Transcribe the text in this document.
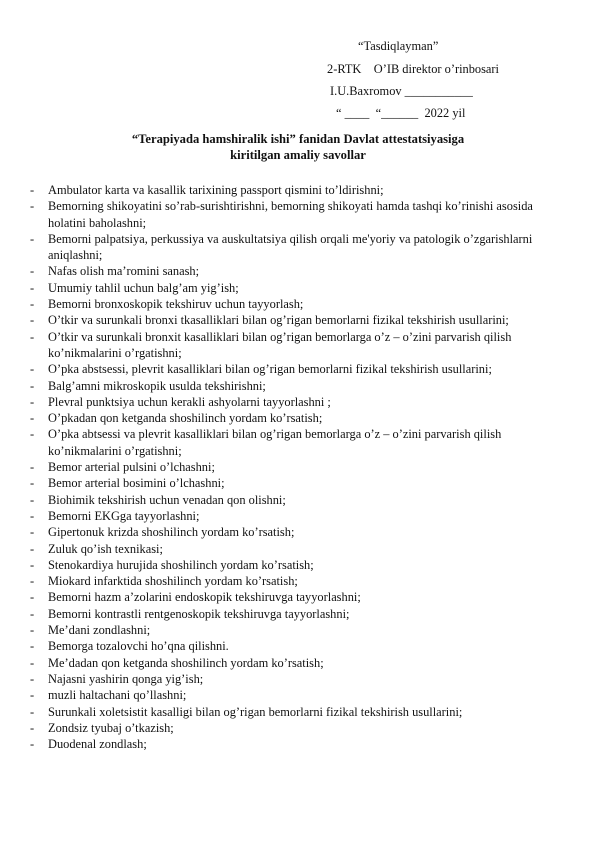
“Tasdiqlayman”
2-RTK    O’IB direktor o’rinbosari
I.U.Baxromov ___________
“ ____  “______  2022 yil
“Terapiyada hamshiralik ishi” fanidan Davlat attestatsiyasiga
kiritilgan amaliy savollar
- Ambulator karta va kasallik tarixining passport qismini to’ldirishni;
- Bemorning shikoyatini so’rab-surishtirishni, bemorning shikoyati hamda tashqi ko’rinishi asosida holatini baholashni;
- Bemorni palpatsiya, perkussiya va auskultatsiya qilish orqali me'yoriy va patologik o’zgarishlarni aniqlashni;
- Nafas olish ma’romini sanash;
- Umumiy tahlil uchun balg’am yig’ish;
- Bemorni bronxoskopik tekshiruv uchun tayyorlash;
- O’tkir va surunkali bronxi tkasalliklari bilan og’rigan bemorlarni fizikal tekshirish usullarini;
- O’tkir va surunkali bronxit kasalliklari bilan og’rigan bemorlarga o’z – o’zini parvarish qilish ko’nikmalarini o’rgatishni;
- O’pka abstsessi, plevrit kasalliklari bilan og’rigan bemorlarni fizikal tekshirish usullarini;
- Balg’amni mikroskopik usulda tekshirishni;
- Plevral punktsiya uchun kerakli ashyolarni tayyorlashni ;
- O’pkadan qon ketganda shoshilinch yordam ko’rsatish;
- O’pka abtsessi va plevrit kasalliklari bilan og’rigan bemorlarga o’z – o’zini parvarish qilish ko’nikmalarini o’rgatishni;
- Bemor arterial pulsini o’lchashni;
- Bemor arterial bosimini o’lchashni;
- Biohimik tekshirish uchun venadan qon olishni;
- Bemorni EKGga tayyorlashni;
- Gipertonuk krizda shoshilinch yordam ko’rsatish;
- Zuluk qo’ish texnikasi;
- Stenokardiya hurujida shoshilinch yordam ko’rsatish;
- Miokard infarktida shoshilinch yordam ko’rsatish;
- Bemorni hazm a’zolarini endoskopik tekshiruvga tayyorlashni;
- Bemorni kontrastli rentgenoskopik tekshiruvga tayyorlashni;
- Me’dani zondlashni;
- Bemorga tozalovchi ho’qna qilishni.
- Me’dadan qon ketganda shoshilinch yordam ko’rsatish;
- Najasni yashirin qonga yig’ish;
- muzli haltachani qo’llashni;
- Surunkali xoletsistit kasalligi bilan og’rigan bemorlarni fizikal tekshirish usullarini;
- Zondsiz tyubaj o’tkazish;
- Duodenal zondlash;
